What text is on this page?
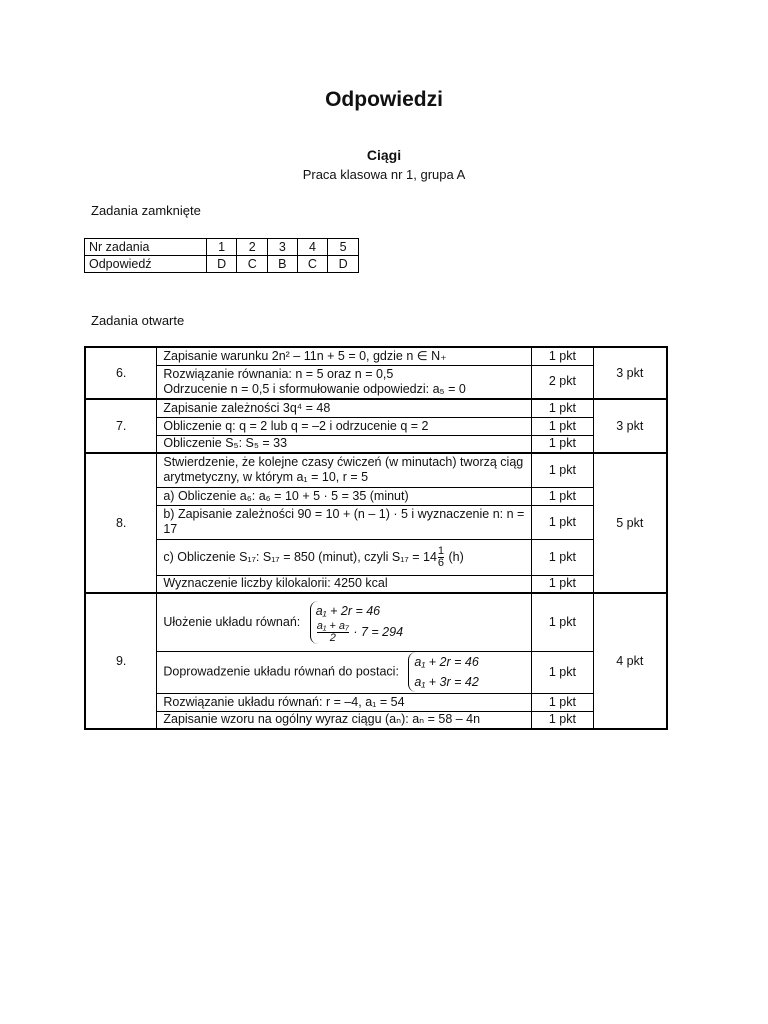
Odpowiedzi
Ciągi
Praca klasowa nr 1, grupa A
Zadania zamknięte
Nr zadania	1	2	3	4	5
Odpowiedź	D	C	B	C	D
Zadania otwarte
6.	Zapisanie warunku 2n² – 11n + 5 = 0, gdzie n ∈ N₊	1 pkt	3 pkt

	Rozwiązanie równania: n = 5 oraz n = 0,5
Odrzucenie n = 0,5 i sformułowanie odpowiedzi: a₅ = 0	2 pkt	
7.	Zapisanie zależności 3q⁴ = 48	1 pkt	3 pkt
	Obliczenie q: q = 2 lub q = –2 i odrzucenie q = 2	1 pkt	
	Obliczenie S₅: S₅ = 33	1 pkt	
8.	Stwierdzenie, że kolejne czasy ćwiczeń (w minutach) tworzą ciąg arytmetyczny, w którym a₁ = 10, r = 5	1 pkt	5 pkt
	a) Obliczenie a₆: a₆ = 10 + 5 · 5 = 35 (minut)	1 pkt	
	b) Zapisanie zależności 90 = 10 + (n – 1) · 5 i wyznaczenie n: n = 17	1 pkt	
	c) Obliczenie S₁₇: S₁₇ = 850 (minut), czyli $S_{17} = 14 \frac{1}{6} (h)$	1 pkt	
	Wyznaczenie liczby kilokalorii: 4250 kcal	1 pkt	
9.	Ułożenie układu równań:
a₁ + 2r = 46
$\frac{\text{a₁ + a₇}}{2} \cdot 7 = 294$	1 pkt	4 pkt
	Doprowadzenie układu równań do postaci:
a₁ + 2r = 46
a₁ + 3r = 42	1 pkt	
	Rozwiązanie układu równań: r = –4, a₁ = 54	1 pkt	
	Zapisanie wzoru na ogólny wyraz ciągu (aₙ): aₙ = 58 – 4n	1 pkt	
